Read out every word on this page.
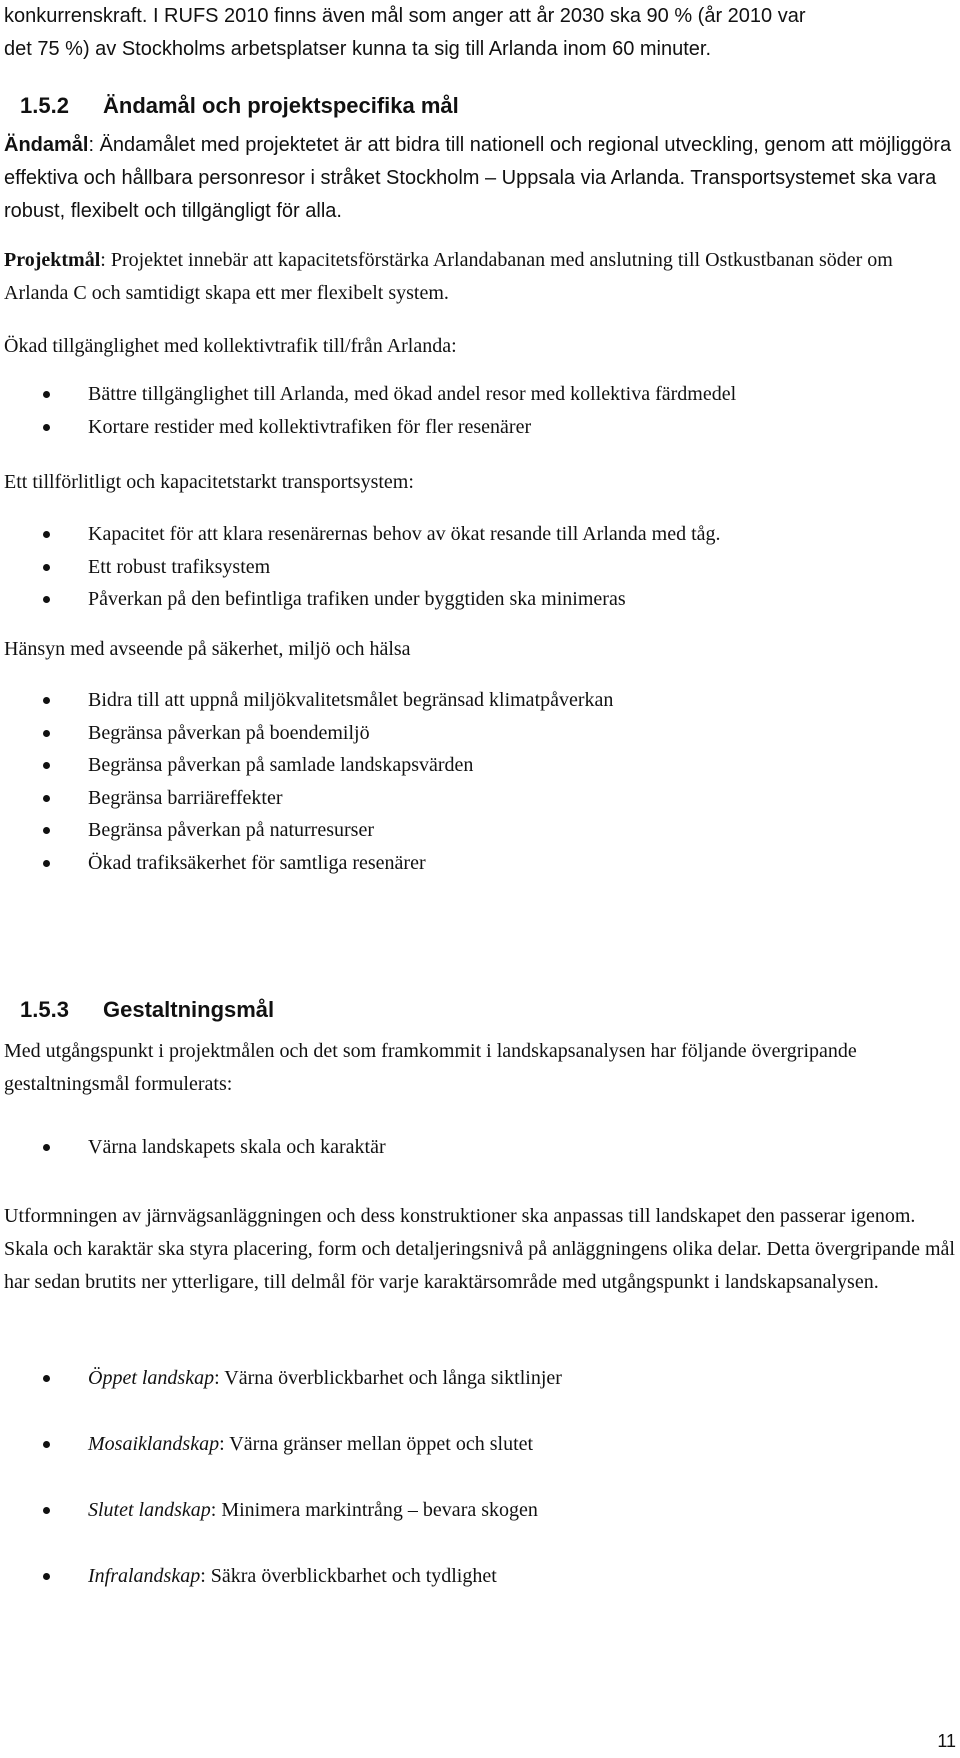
konkurrenskraft. I RUFS 2010 finns även mål som anger att år 2030 ska 90 % (år 2010 var
det 75 %) av Stockholms arbetsplatser kunna ta sig till Arlanda inom 60 minuter.

1.5.2 Ändamål och projektspecifika mål

Ändamål: Ändamålet med projektetet är att bidra till nationell och regional utveckling, genom att möjliggöra effektiva och hållbara personresor i stråket Stockholm – Uppsala via Arlanda. Transportsystemet ska vara robust, flexibelt och tillgängligt för alla.

Projektmål: Projektet innebär att kapacitetsförstärka Arlandabanan med anslutning till Ostkustbanan söder om Arlanda C och samtidigt skapa ett mer flexibelt system.

Ökad tillgänglighet med kollektivtrafik till/från Arlanda:

Bättre tillgänglighet till Arlanda, med ökad andel resor med kollektiva färdmedel
Kortare restider med kollektivtrafiken för fler resenärer

Ett tillförlitligt och kapacitetstarkt transportsystem:

Kapacitet för att klara resenärernas behov av ökat resande till Arlanda med tåg.
Ett robust trafiksystem
Påverkan på den befintliga trafiken under byggtiden ska minimeras

Hänsyn med avseende på säkerhet, miljö och hälsa

Bidra till att uppnå miljökvalitetsmålet begränsad klimatpåverkan
Begränsa påverkan på boendemiljö
Begränsa påverkan på samlade landskapsvärden
Begränsa barriäreffekter
Begränsa påverkan på naturresurser
Ökad trafiksäkerhet för samtliga resenärer
1.5.3 Gestaltningsmål

Med utgångspunkt i projektmålen och det som framkommit i landskapsanalysen har följande övergripande gestaltningsmål formulerats:

Värna landskapets skala och karaktär

Utformningen av järnvägsanläggningen och dess konstruktioner ska anpassas till landskapet den passerar igenom. Skala och karaktär ska styra placering, form och detaljeringsnivå på anläggningens olika delar. Detta övergripande mål har sedan brutits ner ytterligare, till delmål för varje karaktärsområde med utgångspunkt i landskapsanalysen.

Öppet landskap: Värna överblickbarhet och långa siktlinjer
Mosaiklandskap: Värna gränser mellan öppet och slutet
Slutet landskap: Minimera markintrång – bevara skogen
Infralandskap: Säkra överblickbarhet och tydlighet
11
